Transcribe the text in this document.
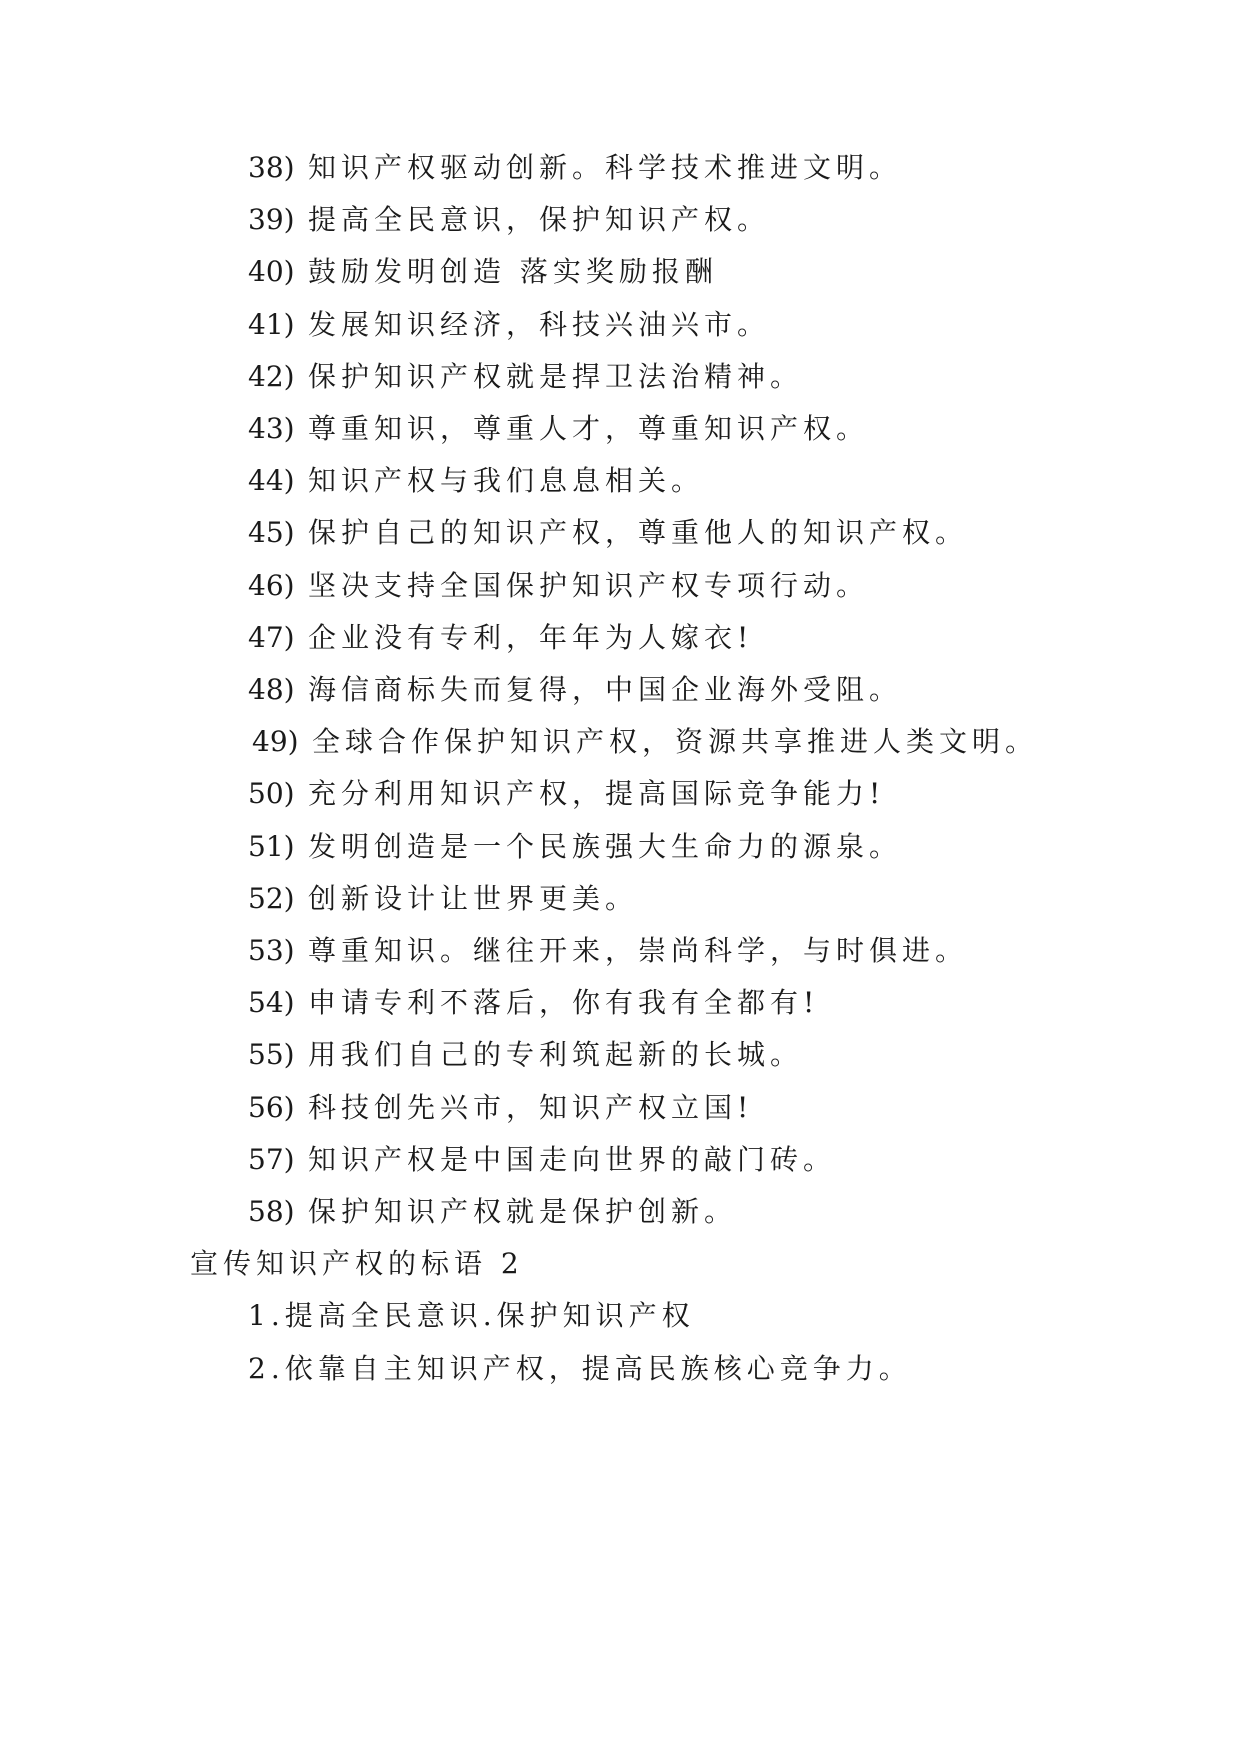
38) 知识产权驱动创新。科学技术推进文明。
39) 提高全民意识，保护知识产权。
40) 鼓励发明创造 落实奖励报酬
41) 发展知识经济，科技兴油兴市。
42) 保护知识产权就是捍卫法治精神。
43) 尊重知识，尊重人才，尊重知识产权。
44) 知识产权与我们息息相关。
45) 保护自己的知识产权，尊重他人的知识产权。
46) 坚决支持全国保护知识产权专项行动。
47) 企业没有专利，年年为人嫁衣!
48) 海信商标失而复得，中国企业海外受阻。
49) 全球合作保护知识产权，资源共享推进人类文明。
50) 充分利用知识产权，提高国际竞争能力!
51) 发明创造是一个民族强大生命力的源泉。
52) 创新设计让世界更美。
53) 尊重知识。继往开来，崇尚科学，与时俱进。
54) 申请专利不落后，你有我有全都有!
55) 用我们自己的专利筑起新的长城。
56) 科技创先兴市，知识产权立国!
57) 知识产权是中国走向世界的敲门砖。
58) 保护知识产权就是保护创新。
宣传知识产权的标语 2
1.提高全民意识.保护知识产权
2.依靠自主知识产权，提高民族核心竞争力。
